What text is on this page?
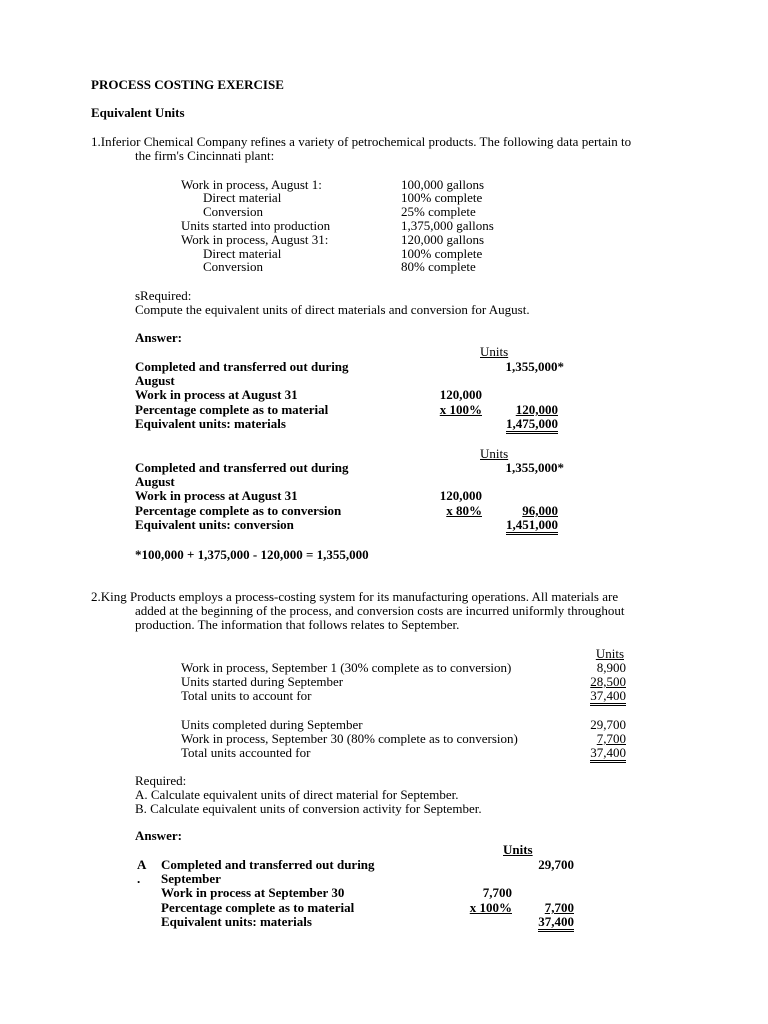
PROCESS COSTING EXERCISE
Equivalent Units
1.Inferior Chemical Company refines a variety of petrochemical products. The following data pertain to
the firm's Cincinnati plant:
Work in process, August 1:	100,000 gallons
Direct material	100% complete
Conversion	25% complete
Units started into production	1,375,000 gallons
Work in process, August 31:	120,000 gallons
Direct material	100% complete
Conversion	80% complete
sRequired:
Compute the equivalent units of direct materials and conversion for August.
Answer:
Units
Completed and transferred out during
August
1,355,000*
Work in process at August 31	120,000
Percentage complete as to material	x 100%	120,000
Equivalent units: materials	1,475,000
Units
Completed and transferred out during
August
1,355,000*
Work in process at August 31	120,000
Percentage complete as to conversion	x 80%	96,000
Equivalent units: conversion	1,451,000
*100,000 + 1,375,000 - 120,000 = 1,355,000
2.King Products employs a process-costing system for its manufacturing operations. All materials are
added at the beginning of the process, and conversion costs are incurred uniformly throughout
production. The information that follows relates to September.
Units
Work in process, September 1 (30% complete as to conversion)	8,900
Units started during September	28,500
Total units to account for	37,400
Units completed during September	29,700
Work in process, September 30 (80% complete as to conversion)	7,700
Total units accounted for	37,400
Required:
A. Calculate equivalent units of direct material for September.
B. Calculate equivalent units of conversion activity for September.
Answer:
Units
A
.
Completed and transferred out during
September
29,700
Work in process at September 30	7,700
Percentage complete as to material	x 100%	7,700
Equivalent units: materials	37,400
